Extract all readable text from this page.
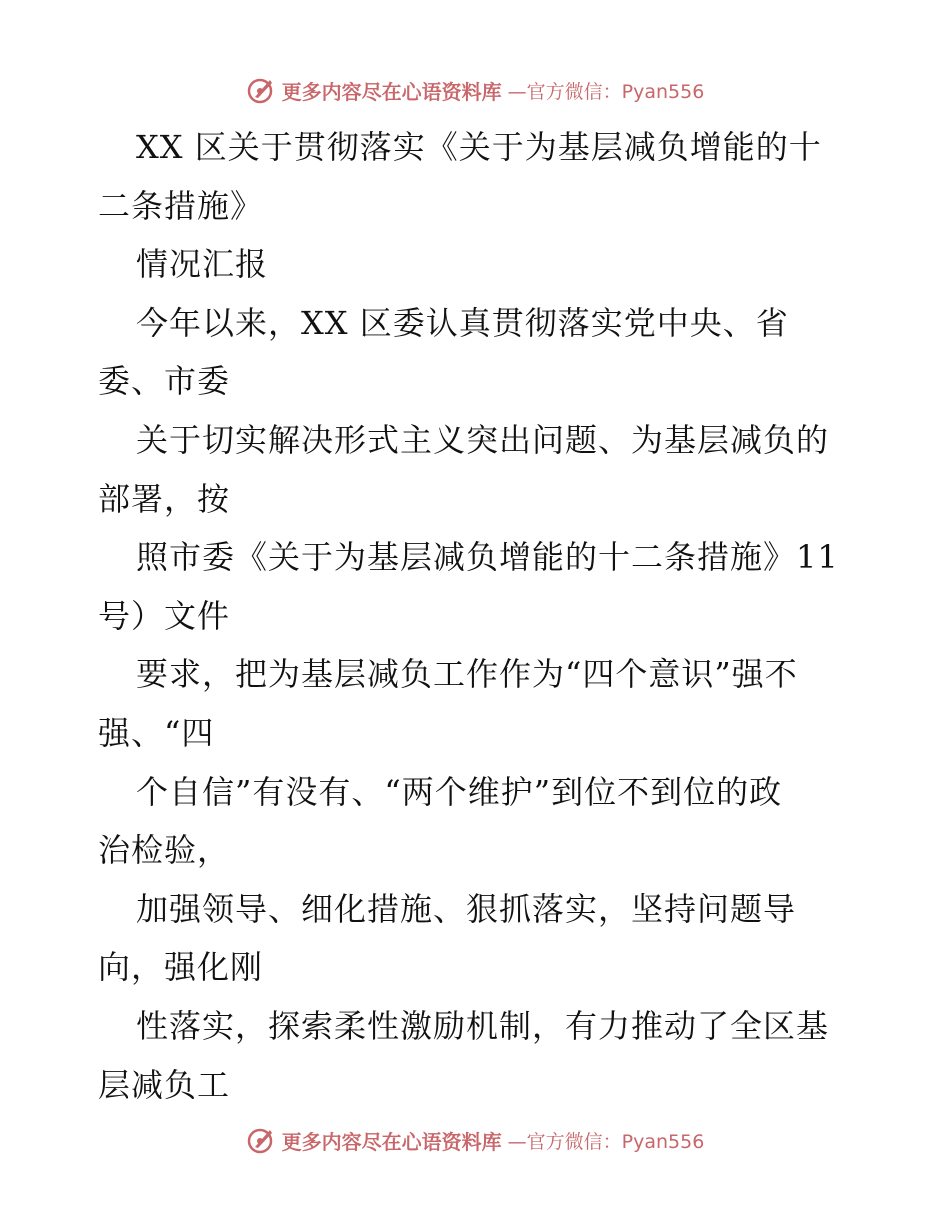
更多内容尽在心语资料库 —官方微信：Pyan556
XX 区关于贯彻落实《关于为基层减负增能的十
二条措施》
情况汇报
今年以来，XX 区委认真贯彻落实党中央、省
委、市委
关于切实解决形式主义突出问题、为基层减负的
部署，按
照市委《关于为基层减负增能的十二条措施》11
号）文件
要求，把为基层减负工作作为“四个意识”强不
强、“四
个自信”有没有、“两个维护”到位不到位的政
治检验，
加强领导、细化措施、狠抓落实，坚持问题导
向，强化刚
性落实，探索柔性激励机制，有力推动了全区基
层减负工
更多内容尽在心语资料库 —官方微信：Pyan556
